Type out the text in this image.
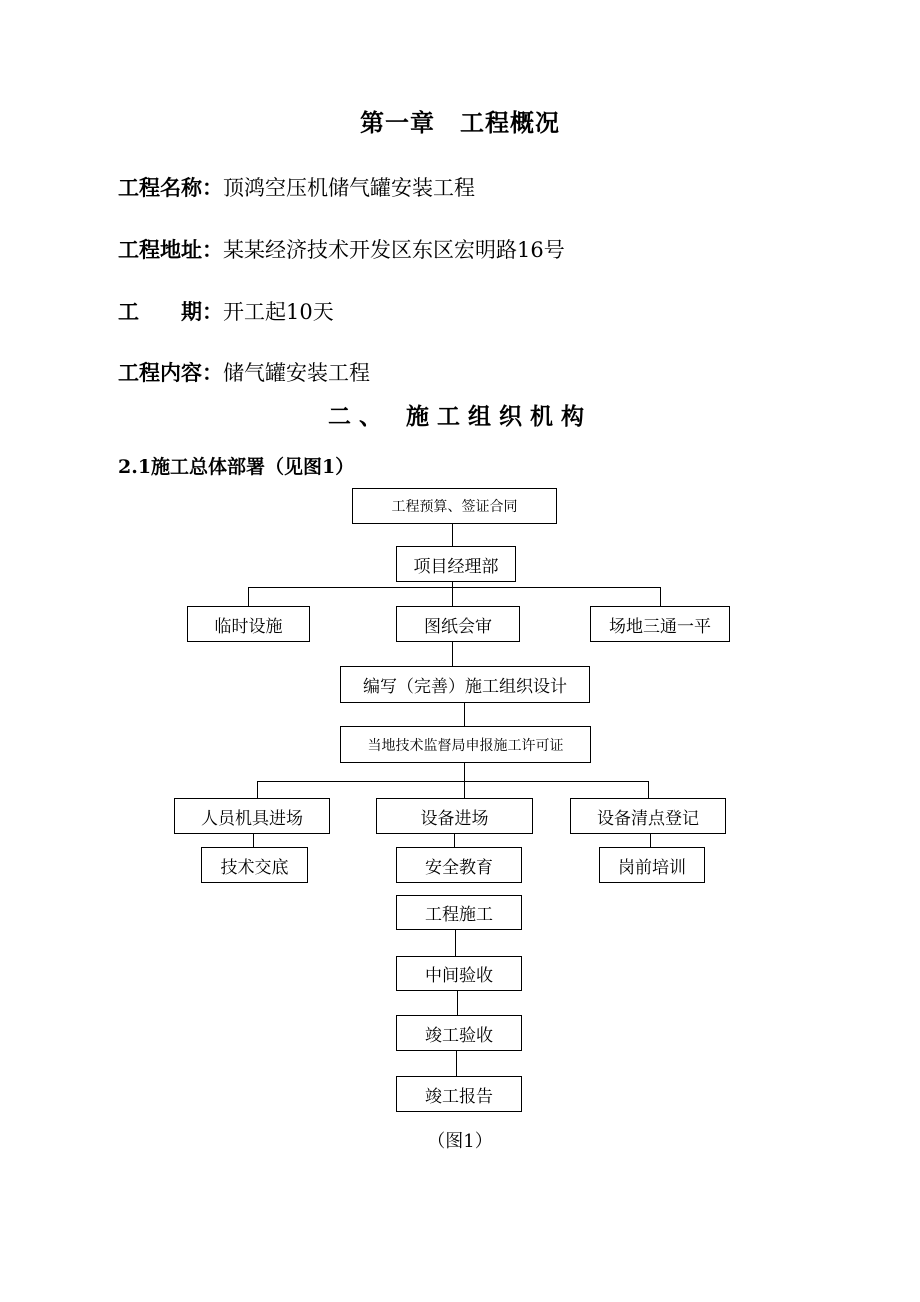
第一章　工程概况
工程名称：顶鸿空压机储气罐安装工程
工程地址：某某经济技术开发区东区宏明路16号
工　　期：开工起10天
工程内容：储气罐安装工程
二、 施工组织机构
2.1施工总体部署（见图1）
工程预算、签证合同
项目经理部
临时设施	图纸会审	场地三通一平
编写（完善）施工组织设计
当地技术监督局申报施工许可证
人员机具进场	设备进场	设备清点登记
技术交底	安全教育	岗前培训
工程施工
中间验收
竣工验收
竣工报告
（图1）
